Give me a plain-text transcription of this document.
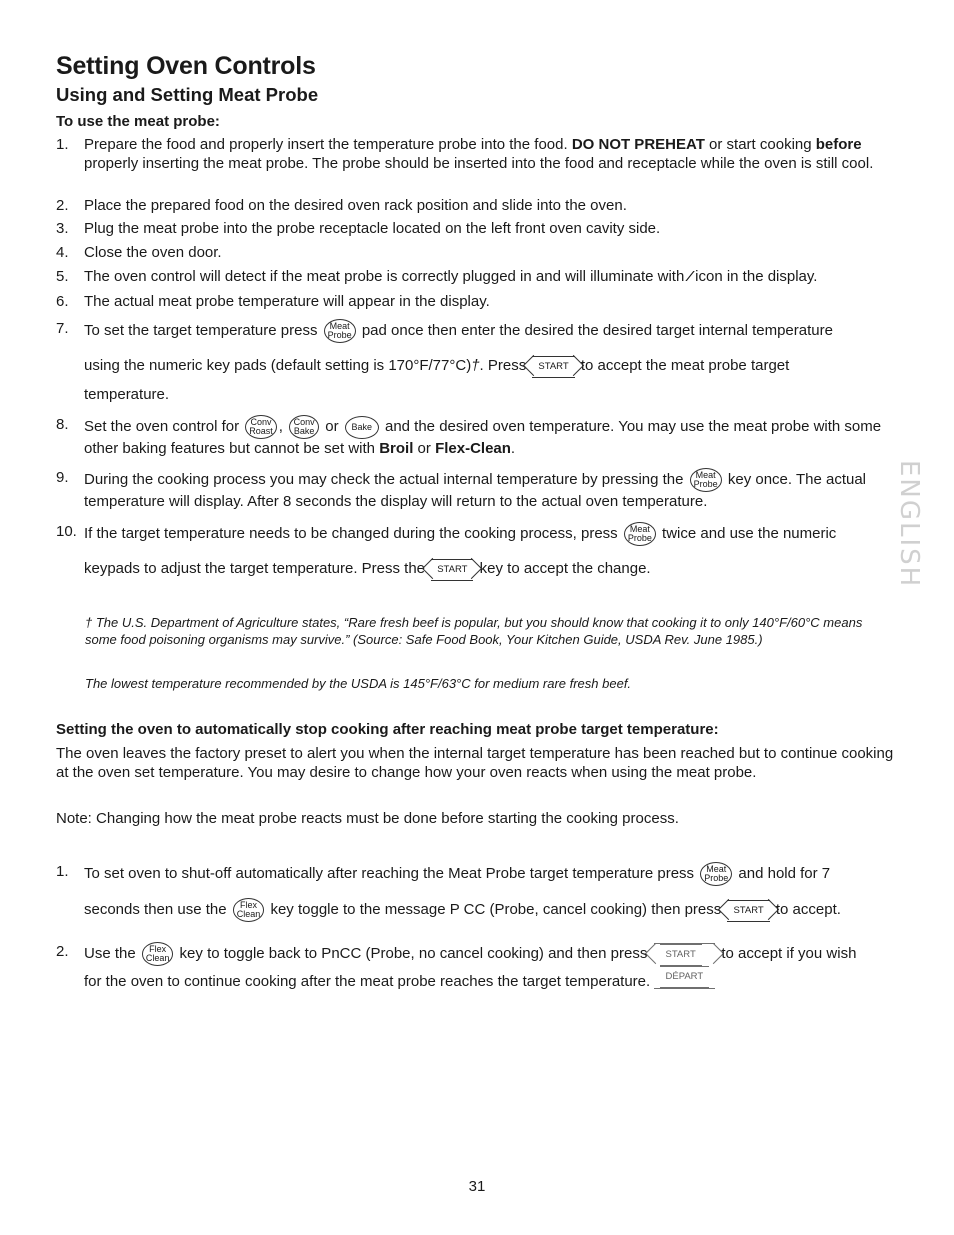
Setting Oven Controls
Using and Setting Meat Probe
To use the meat probe:
1.	Prepare the food and properly insert the temperature probe into the food. DO NOT PREHEAT or start cooking before properly inserting the meat probe. The probe should be inserted into the food and receptacle while the oven is still cool.
2.	Place the prepared food on the desired oven rack position and slide into the oven.
3.	Plug the meat probe into the probe receptacle located on the left front oven cavity side.
4.	Close the oven door.
5.	The oven control will detect if the meat probe is correctly plugged in and will illuminate with ⁄ icon in the display.
6.	The actual meat probe temperature will appear in the display.
7.	To set the target temperature press Meat
Probe pad once then enter the desired the desired target internal temperature
using the numeric key pads (default setting is 170°F/77°C)†. Press START to accept the meat probe target
temperature.
8.	Set the oven control for Conv
Roast , Conv
Bake or Bake and the desired oven temperature. You may use the meat probe with some other baking features but cannot be set with Broil or Flex-Clean.
9.	During the cooking process you may check the actual internal temperature by pressing the Meat
Probe key once. The actual temperature will display. After 8 seconds the display will return to the actual oven temperature.
10. If the target temperature needs to be changed during the cooking process, press Meat
Probe twice and use the numeric
keypads to adjust the target temperature. Press the START key to accept the change.
† The U.S. Department of Agriculture states, “Rare fresh beef is popular, but you should know that cooking it to only 140°F/60°C means some food poisoning organisms may survive.” (Source: Safe Food Book, Your Kitchen Guide, USDA Rev. June 1985.)
The lowest temperature recommended by the USDA is 145°F/63°C for medium rare fresh beef.
Setting the oven to automatically stop cooking after reaching meat probe target temperature:
The oven leaves the factory preset to alert you when the internal target temperature has been reached but to continue cooking at the oven set temperature. You may desire to change how your oven reacts when using the meat probe.
Note: Changing how the meat probe reacts must be done before starting the cooking process.
1.	To set oven to shut-off automatically after reaching the Meat Probe target temperature press Meat
Probe and hold for 7
seconds then use the Flex
Clean key toggle to the message P CC (Probe, cancel cooking) then press START to accept.
2.	Use the Flex
Clean key to toggle back to PnCC (Probe, no cancel cooking) and then press START
DÉPART to accept if you wish
for the oven to continue cooking after the meat probe reaches the target temperature.
ENGLISH
31
